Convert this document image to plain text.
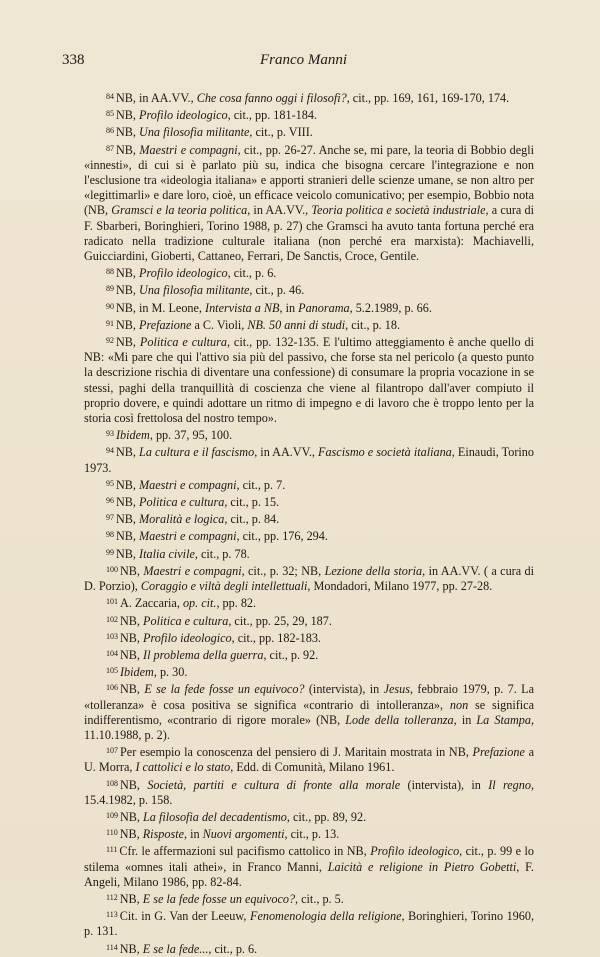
338	Franco Manni

$^{84}$ NB, in AA.VV., Che cosa fanno oggi i filosofi?, cit., pp. 169, 161, 169-170, 174.

$^{85}$ NB, Profilo ideologico, cit., pp. 181-184.

$^{86}$ NB, Una filosofia militante, cit., p. VIII.

$^{87}$ NB, Maestri e compagni, cit., pp. 26-27. Anche se, mi pare, la teoria di Bobbio degli «innesti», di cui si è parlato più su, indica che bisogna cercare l'integrazione e non l'esclusione tra «ideologia italiana» e apporti stranieri delle scienze umane, se non altro per «legittimarli» e dare loro, cioè, un efficace veicolo comunicativo; per esempio, Bobbio nota (NB, Gramsci e la teoria politica, in AA.VV., Teoria politica e società industriale, a cura di F. Sbarberi, Boringhieri, Torino 1988, p. 27) che Gramsci ha avuto tanta fortuna perché era radicato nella tradizione culturale italiana (non perché era marxista): Machiavelli, Guicciardini, Gioberti, Cattaneo, Ferrari, De Sanctis, Croce, Gentile.

$^{88}$ NB, Profilo ideologico, cit., p. 6.

$^{89}$ NB, Una filosofia militante, cit., p. 46.

$^{90}$ NB, in M. Leone, Intervista a NB, in Panorama, 5.2.1989, p. 66.

$^{91}$ NB, Prefazione a C. Violi, NB. 50 anni di studi, cit., p. 18.

$^{92}$ NB, Politica e cultura, cit., pp. 132-135. E l'ultimo atteggiamento è anche quello di NB: «Mi pare che qui l'attivo sia più del passivo, che forse sta nel pericolo (a questo punto la descrizione rischia di diventare una confessione) di consumare la propria vocazione in se stessi, paghi della tranquillità di coscienza che viene al filantropo dall'aver compiuto il proprio dovere, e quindi adottare un ritmo di impegno e di lavoro che è troppo lento per la storia così frettolosa del nostro tempo».

$^{93}$ Ibidem, pp. 37, 95, 100.

$^{94}$ NB, La cultura e il fascismo, in AA.VV., Fascismo e società italiana, Einaudi, Torino 1973.

$^{95}$ NB, Maestri e compagni, cit., p. 7.

$^{96}$ NB, Politica e cultura, cit., p. 15.

$^{97}$ NB, Moralità e logica, cit., p. 84.

$^{98}$ NB, Maestri e compagni, cit., pp. 176, 294.

$^{99}$ NB, Italia civile, cit., p. 78.

$^{100}$ NB, Maestri e compagni, cit., p. 32; NB, Lezione della storia, in AA.VV. ( a cura di D. Porzio), Coraggio e viltà degli intellettuali, Mondadori, Milano 1977, pp. 27-28.

$^{101}$ A. Zaccaria, op. cit., pp. 82.

$^{102}$ NB, Politica e cultura, cit., pp. 25, 29, 187.

$^{103}$ NB, Profilo ideologico, cit., pp. 182-183.

$^{104}$ NB, Il problema della guerra, cit., p. 92.

$^{105}$ Ibidem, p. 30.

$^{106}$ NB, E se la fede fosse un equivoco? (intervista), in Jesus, febbraio 1979, p. 7. La «tolleranza» è cosa positiva se significa «contrario di intolleranza», non se significa indifferentismo, «contrario di rigore morale» (NB, Lode della tolleranza, in La Stampa, 11.10.1988, p. 2).

$^{107}$ Per esempio la conoscenza del pensiero di J. Maritain mostrata in NB, Prefazione a U. Morra, I cattolici e lo stato, Edd. di Comunità, Milano 1961.

$^{108}$ NB, Società, partiti e cultura di fronte alla morale (intervista), in Il regno, 15.4.1982, p. 158.

$^{109}$ NB, La filosofia del decadentismo, cit., pp. 89, 92.

$^{110}$ NB, Risposte, in Nuovi argomenti, cit., p. 13.

$^{111}$ Cfr. le affermazioni sul pacifismo cattolico in NB, Profilo ideologico, cit., p. 99 e lo stilema «omnes itali athei», in Franco Manni, Laicità e religione in Pietro Gobetti, F. Angeli, Milano 1986, pp. 82-84.

$^{112}$ NB, E se la fede fosse un equivoco?, cit., p. 5.

$^{113}$ Cit. in G. Van der Leeuw, Fenomenologia della religione, Boringhieri, Torino 1960, p. 131.

$^{114}$ NB, E se la fede..., cit., p. 6.
